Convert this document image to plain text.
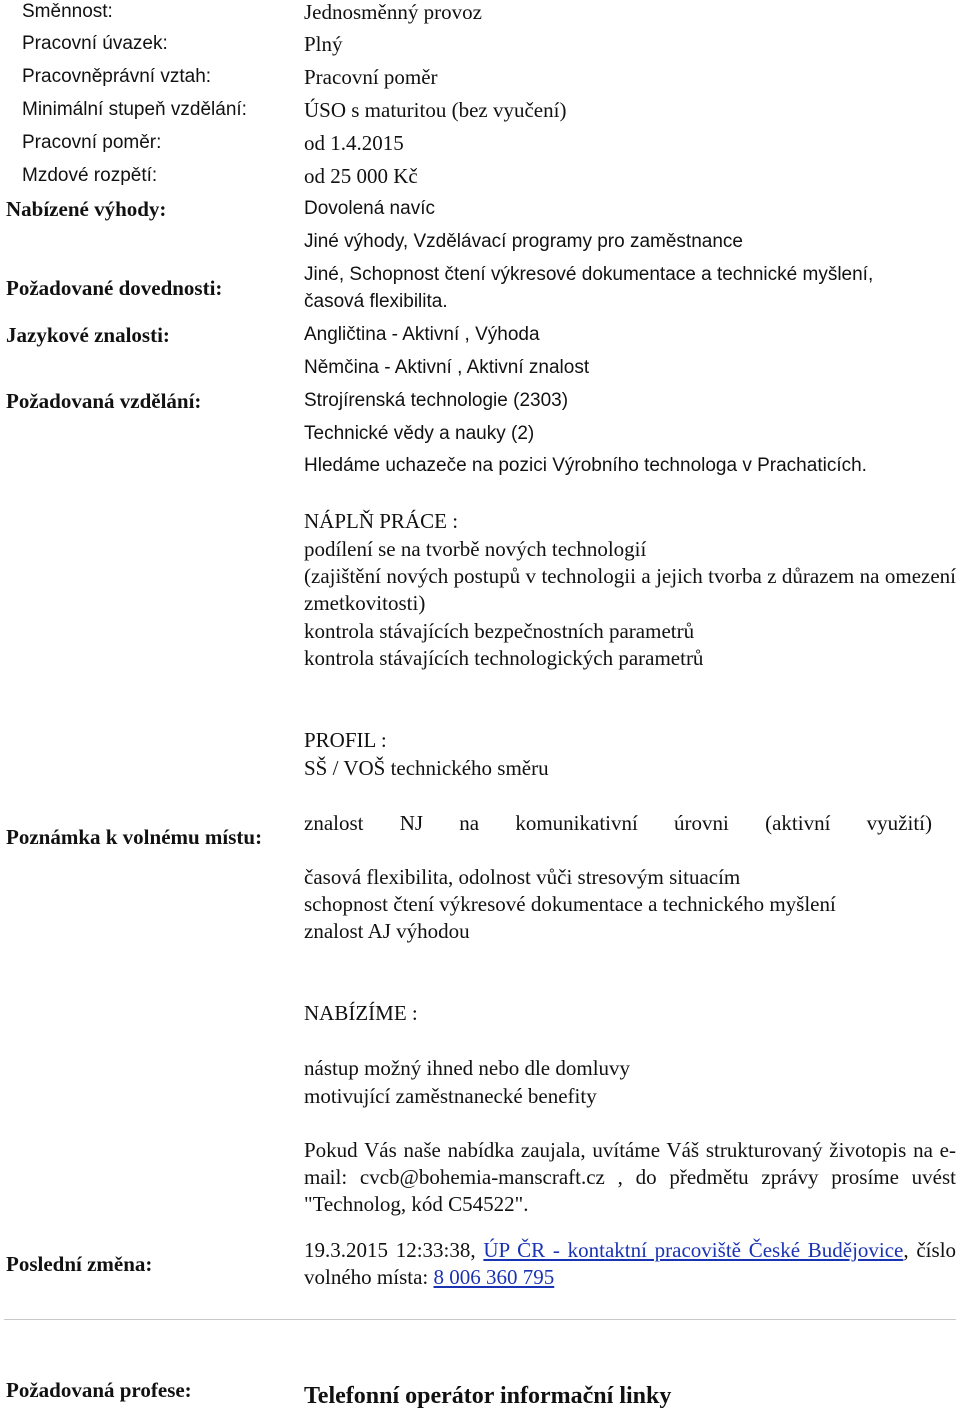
Směnnost:	Jednosměnný provoz
Pracovní úvazek:	Plný
Pracovněprávní vztah:	Pracovní poměr
Minimální stupeň vzdělání:	ÚSO s maturitou (bez vyučení)
Pracovní poměr:	od 1.4.2015
Mzdové rozpětí:	od 25 000 Kč
Nabízené výhody:	Dovolená navíc
Jiné výhody, Vzdělávací programy pro zaměstnance
Požadované dovednosti:
Jiné, Schopnost čtení výkresové dokumentace a technické myšlení,
časová flexibilita.
Jazykové znalosti:	Angličtina - Aktivní , Výhoda
Němčina - Aktivní , Aktivní znalost
Požadovaná vzdělání:	Strojírenská technologie (2303)
Technické vědy a nauky (2)
Hledáme uchazeče na pozici Výrobního technologa v Prachaticích.
NÁPLŇ PRÁCE :
podílení se na tvorbě nových technologií
(zajištění nových postupů v technologii a jejich tvorba z důrazem na omezení zmetkovitosti)
kontrola stávajících bezpečnostních parametrů
kontrola stávajících technologických parametrů
PROFIL :
SŠ / VOŠ technického směru
Poznámka k volnému místu:
znalost NJ na komunikativní úrovni (aktivní využití)
časová flexibilita, odolnost vůči stresovým situacím
schopnost čtení výkresové dokumentace a technického myšlení
znalost AJ výhodou
NABÍZÍME :
nástup možný ihned nebo dle domluvy
motivující zaměstnanecké benefity
Pokud Vás naše nabídka zaujala, uvítáme Váš strukturovaný životopis na e-mail: cvcb@bohemia-manscraft.cz , do předmětu zprávy prosíme uvést "Technolog, kód C54522".
Poslední změna:
19.3.2015 12:33:38, ÚP ČR - kontaktní pracoviště České Budějovice, číslo volného místa: 8 006 360 795
Požadovaná profese:	Telefonní operátor informační linky
